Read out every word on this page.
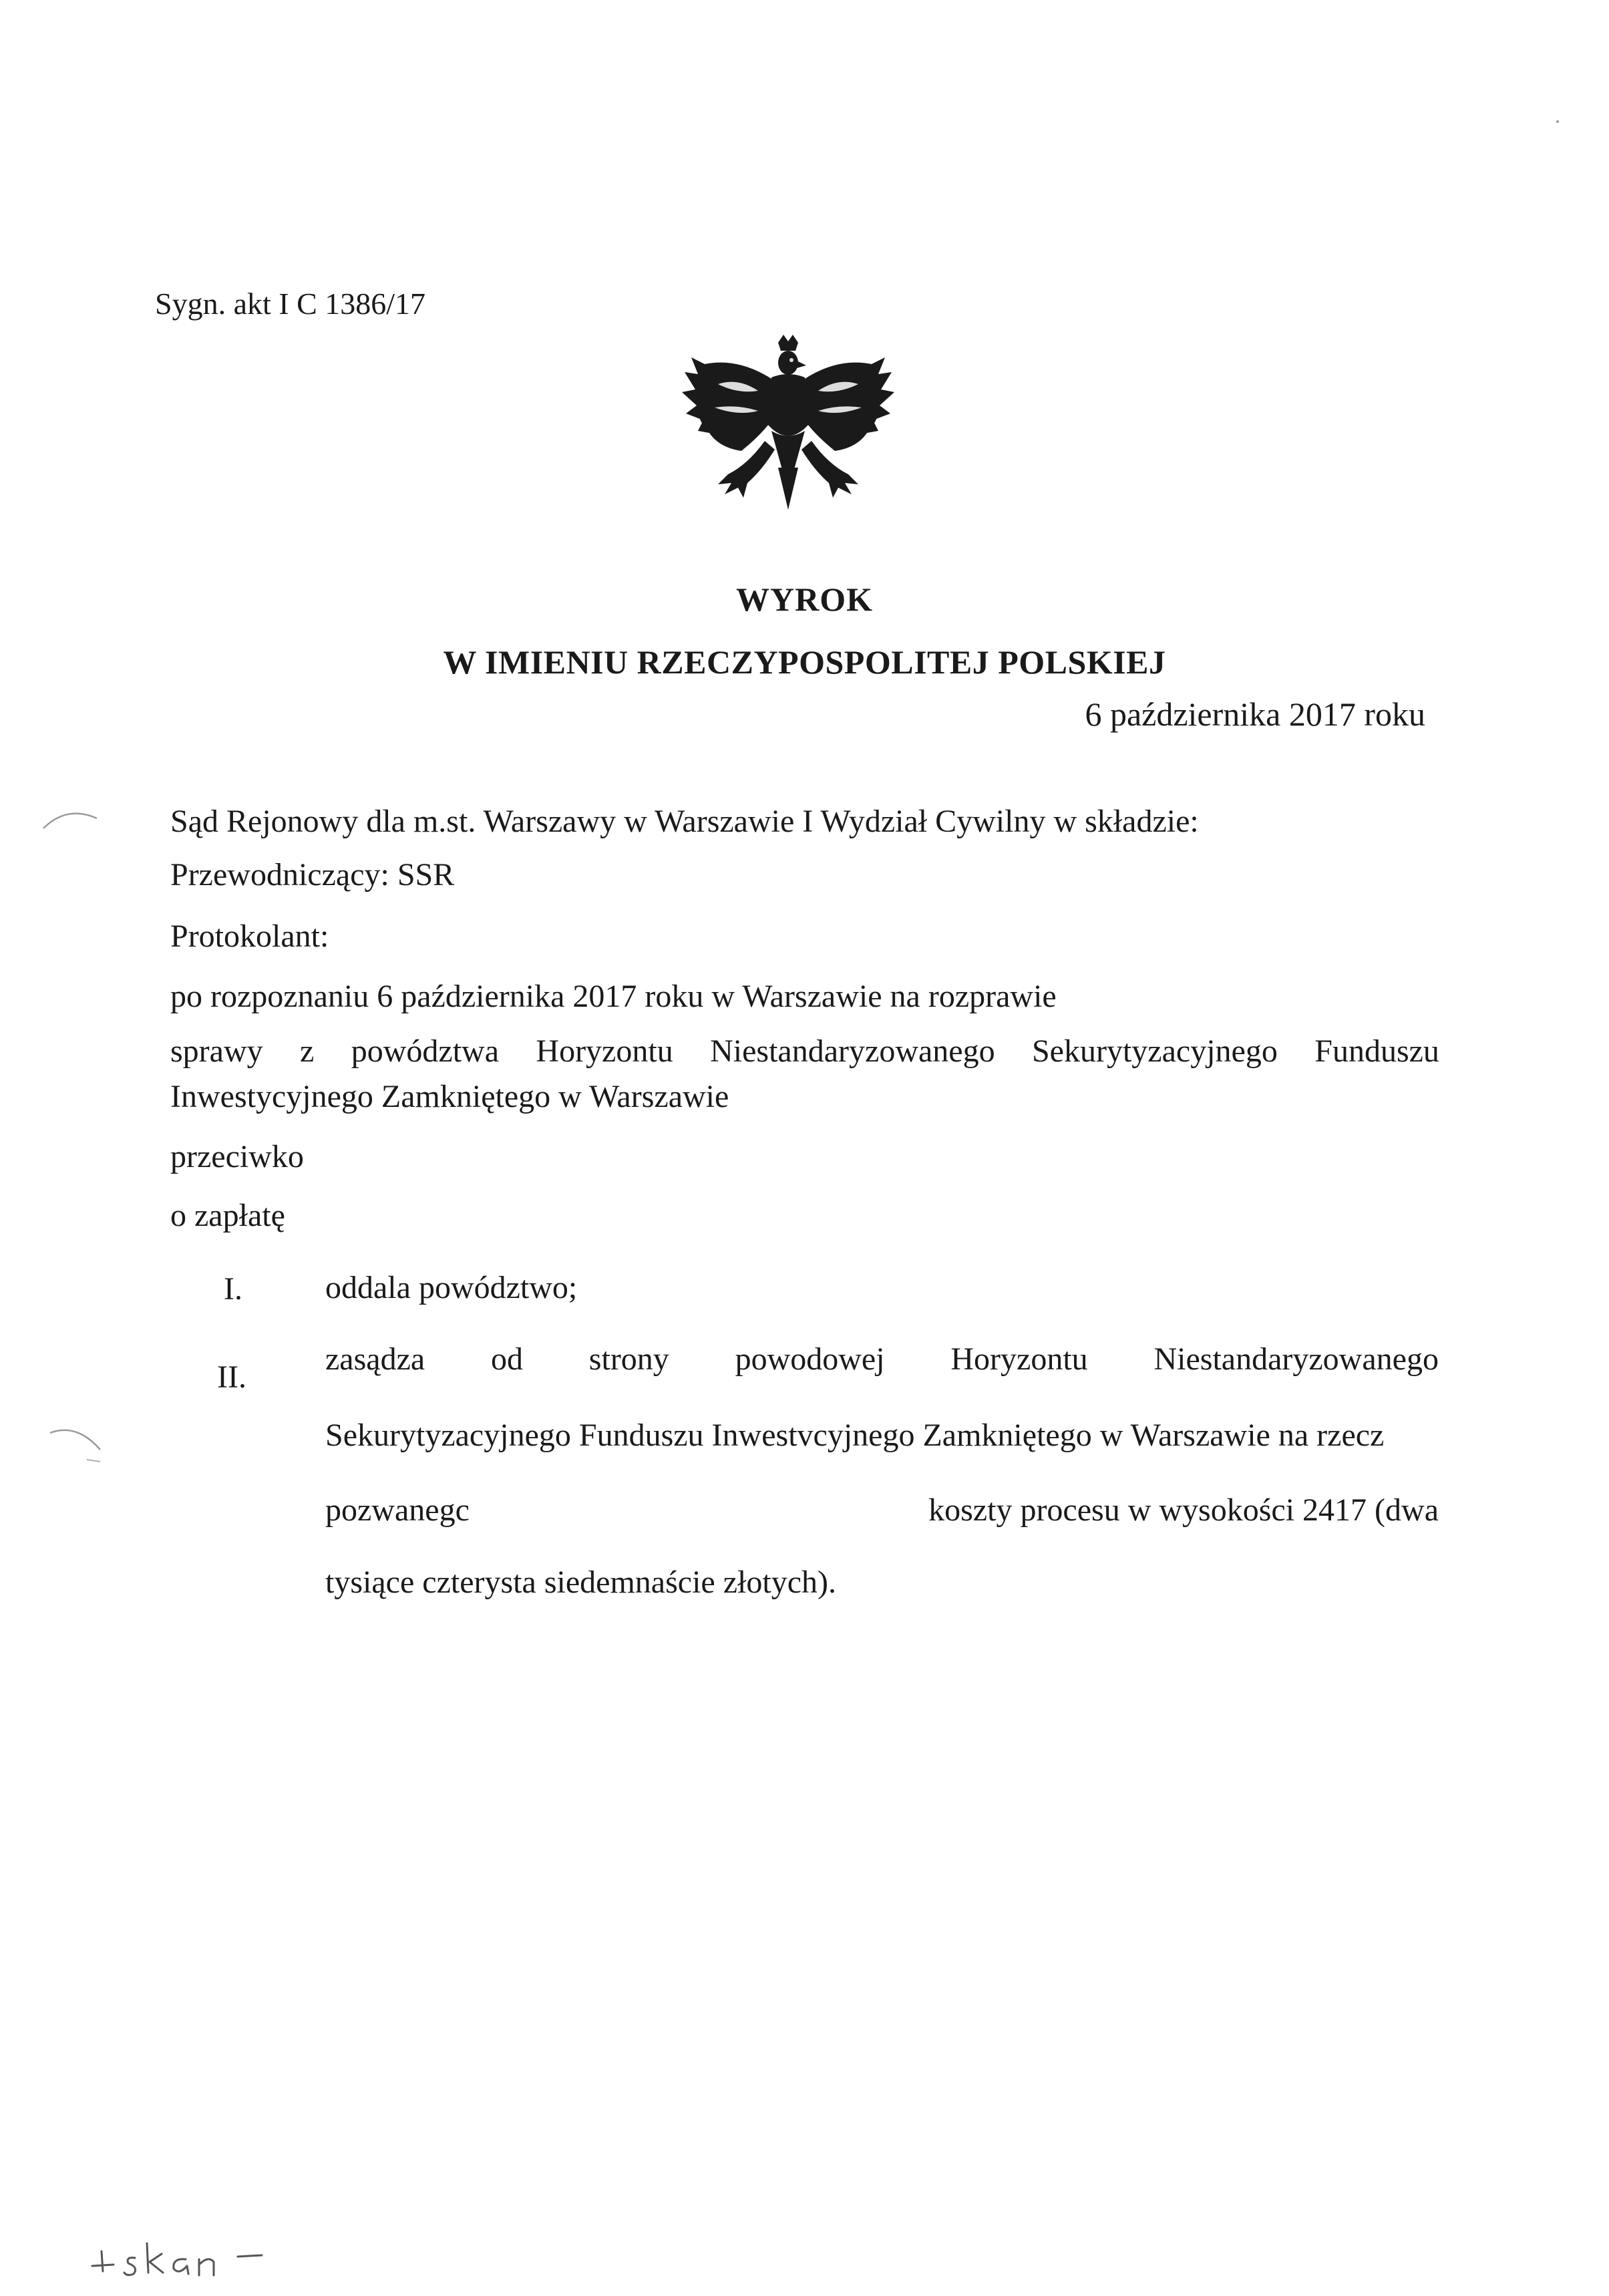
Sygn. akt I C 1386/17
WYROK
W IMIENIU RZECZYPOSPOLITEJ POLSKIEJ
6 października 2017 roku
Sąd Rejonowy dla m.st. Warszawy w Warszawie I Wydział Cywilny w składzie:
Przewodniczący: SSR
Protokolant:
po rozpoznaniu 6 października 2017 roku w Warszawie na rozprawie
sprawy z powództwa Horyzontu Niestandaryzowanego Sekurytyzacyjnego Funduszu
Inwestycyjnego Zamkniętego w Warszawie
przeciwko
o zapłatę
I.	oddala powództwo;
II.
zasądza od strony powodowej Horyzontu Niestandaryzowanego
Sekurytyzacyjnego Funduszu Inwestvcyjnego Zamkniętego w Warszawie na rzecz
pozwanegc	koszty procesu w wysokości 2417 (dwa
tysiące czterysta siedemnaście złotych).
